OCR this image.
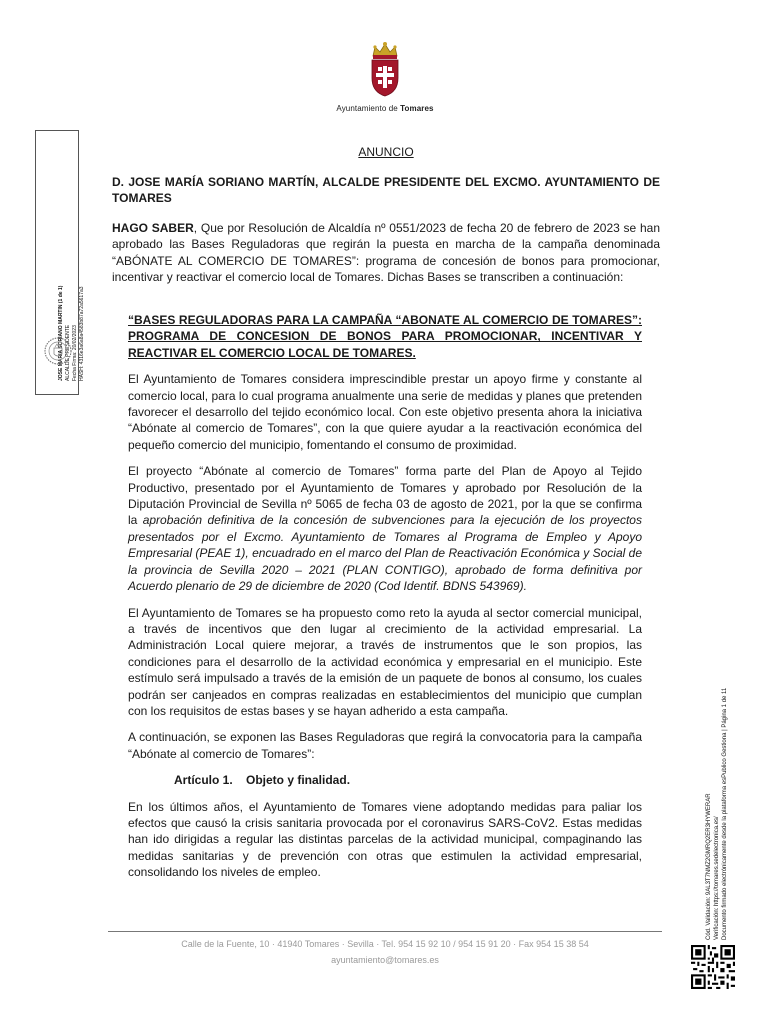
Ayuntamiento de Tomares
JOSE MARIA SORIANO MARTIN (1 de 1) ALCALDE PRESIDENTE Fecha Firma: 20/02/2023 HASH: 4316e3a6a8a4583b87a72a5617a3
ANUNCIO
D. JOSE MARÍA SORIANO MARTÍN, ALCALDE PRESIDENTE DEL EXCMO. AYUNTAMIENTO DE TOMARES
HAGO SABER, Que por Resolución de Alcaldía nº 0551/2023 de fecha 20 de febrero de 2023 se han aprobado las Bases Reguladoras que regirán la puesta en marcha de la campaña denominada “ABÓNATE AL COMERCIO DE TOMARES”: programa de concesión de bonos para promocionar, incentivar y reactivar el comercio local de Tomares. Dichas Bases se transcriben a continuación:
“BASES REGULADORAS PARA LA CAMPAÑA “ABONATE AL COMERCIO DE TOMARES”: PROGRAMA DE CONCESION DE BONOS PARA PROMOCIONAR, INCENTIVAR Y REACTIVAR EL COMERCIO LOCAL DE TOMARES.
El Ayuntamiento de Tomares considera imprescindible prestar un apoyo firme y constante al comercio local, para lo cual programa anualmente una serie de medidas y planes que pretenden favorecer el desarrollo del tejido económico local. Con este objetivo presenta ahora la iniciativa “Abónate al comercio de Tomares”, con la que quiere ayudar a la reactivación económica del pequeño comercio del municipio, fomentando el consumo de proximidad.
El proyecto “Abónate al comercio de Tomares” forma parte del Plan de Apoyo al Tejido Productivo, presentado por el Ayuntamiento de Tomares y aprobado por Resolución de la Diputación Provincial de Sevilla nº 5065 de fecha 03 de agosto de 2021, por la que se confirma la aprobación definitiva de la concesión de subvenciones para la ejecución de los proyectos presentados por el Excmo. Ayuntamiento de Tomares al Programa de Empleo y Apoyo Empresarial (PEAE 1), encuadrado en el marco del Plan de Reactivación Económica y Social de la provincia de Sevilla 2020 – 2021 (PLAN CONTIGO), aprobado de forma definitiva por Acuerdo plenario de 29 de diciembre de 2020 (Cod Identif. BDNS 543969).
El Ayuntamiento de Tomares se ha propuesto como reto la ayuda al sector comercial municipal, a través de incentivos que den lugar al crecimiento de la actividad empresarial. La Administración Local quiere mejorar, a través de instrumentos que le son propios, las condiciones para el desarrollo de la actividad económica y empresarial en el municipio. Este estímulo será impulsado a través de la emisión de un paquete de bonos al consumo, los cuales podrán ser canjeados en compras realizadas en establecimientos del municipio que cumplan con los requisitos de estas bases y se hayan adherido a esta campaña.
A continuación, se exponen las Bases Reguladoras que regirá la convocatoria para la campaña “Abónate al comercio de Tomares”:
Artículo 1.    Objeto y finalidad.
En los últimos años, el Ayuntamiento de Tomares viene adoptando medidas para paliar los efectos que causó la crisis sanitaria provocada por el coronavirus SARS-CoV2. Estas medidas han ido dirigidas a regular las distintas parcelas de la actividad municipal, compaginando las medidas sanitarias y de prevención con otras que estimulen la actividad empresarial, consolidando los niveles de empleo.	Cód. Validación: 9AL3T7NMZ2GMRQ2ER3HYWERAR Verificación: https://tomares.sedelectronica.es/ Documento firmado electrónicamente desde la plataforma esPublico Gestiona | Página 1 de 11
Calle de la Fuente, 10 · 41940 Tomares · Sevilla · Tel. 954 15 92 10 / 954 15 91 20 · Fax 954 15 38 54
ayuntamiento@tomares.es
